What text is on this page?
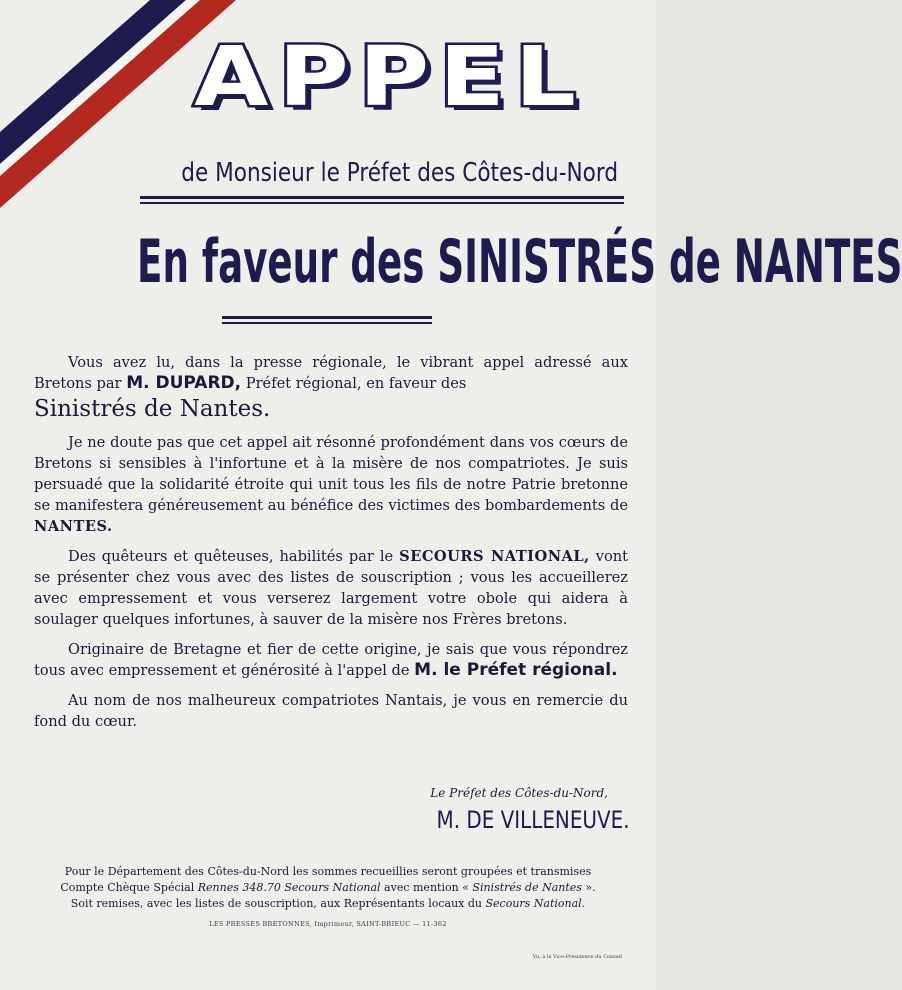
APPEL
de Monsieur le Préfet des Côtes-du-Nord
En faveur des SINISTRÉS de NANTES

Vous avez lu, dans la presse régionale, le vibrant appel adressé aux Bretons par M. DUPARD, Préfet régional, en faveur des
Sinistrés de Nantes.

Je ne doute pas que cet appel ait résonné profondément dans vos cœurs de Bretons si sensibles à l'infortune et à la misère de nos compatriotes. Je suis persuadé que la solidarité étroite qui unit tous les fils de notre Patrie bretonne se manifestera généreusement au bénéfice des victimes des bombardements de NANTES.

Des quêteurs et quêteuses, habilités par le SECOURS NATIONAL, vont se présenter chez vous avec des listes de souscription ; vous les accueillerez avec empressement et vous verserez largement votre obole qui aidera à soulager quelques infortunes, à sauver de la misère nos Frères bretons.

Originaire de Bretagne et fier de cette origine, je sais que vous répondrez tous avec empressement et générosité à l'appel de M. le Préfet régional.

Au nom de nos malheureux compatriotes Nantais, je vous en remercie du fond du cœur.

Le Préfet des Côtes-du-Nord,
M. DE VILLENEUVE.
Pour le Département des Côtes-du-Nord les sommes recueillies seront groupées et transmises
Compte Chèque Spécial Rennes 348.70 Secours National avec mention « Sinistrés de Nantes ».
Soit remises, avec les listes de souscription, aux Représentants locaux du Secours National.
LES PRESSES BRETONNES, Imprimeur, SAINT-BRIEUC — 11-362
Vu, à la Vice-Présidence du Conseil
